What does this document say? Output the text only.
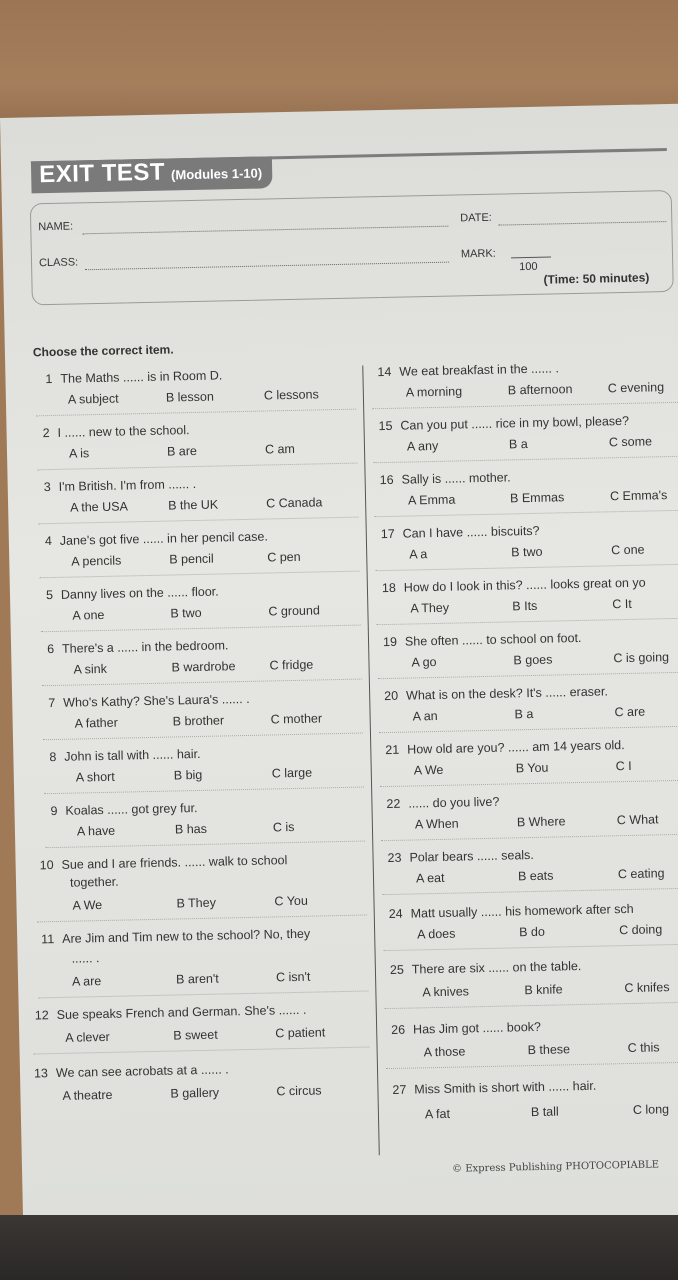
EXIT TEST (Modules 1-10)
NAME:
DATE:
CLASS:
MARK:
100
(Time: 50 minutes)
Choose the correct item.
1 The Maths ...... is in Room D.
A subject	B lesson	C lessons
2 I ...... new to the school.
A is	B are	C am
3 I'm British. I'm from ...... .
A the USA	B the UK	C Canada
4 Jane's got five ...... in her pencil case.
A pencils	B pencil	C pen
5 Danny lives on the ...... floor.
A one	B two	C ground
6 There's a ...... in the bedroom.
A sink	B wardrobe	C fridge
7 Who's Kathy? She's Laura's ...... .
A father	B brother	C mother
8 John is tall with ...... hair.
A short	B big	C large
9 Koalas ...... got grey fur.
A have	B has	C is
10 Sue and I are friends. ...... walk to school
together.
A We	B They	C You
11 Are Jim and Tim new to the school? No, they
...... .
A are	B aren't	C isn't
12 Sue speaks French and German. She's ...... .
A clever	B sweet	C patient
13 We can see acrobats at a ...... .
A theatre	B gallery	C circus
14 We eat breakfast in the ...... .
A morning	B afternoon	C evening
15 Can you put ...... rice in my bowl, please?
A any	B a	C some
16 Sally is ...... mother.
A Emma	B Emmas	C Emma's
17 Can I have ...... biscuits?
A a	B two	C one
18 How do I look in this? ...... looks great on yo
A They	B Its	C It
19 She often ...... to school on foot.
A go	B goes	C is going
20 What is on the desk? It's ...... eraser.
A an	B a	C are
21 How old are you? ...... am 14 years old.
A We	B You	C I
22 ...... do you live?
A When	B Where	C What
23 Polar bears ...... seals.
A eat	B eats	C eating
24 Matt usually ...... his homework after sch
A does	B do	C doing
25 There are six ...... on the table.
A knives	B knife	C knifes
26 Has Jim got ...... book?
A those	B these	C this
27 Miss Smith is short with ...... hair.
A fat	B tall	C long
© Express Publishing PHOTOCOPIABLE
